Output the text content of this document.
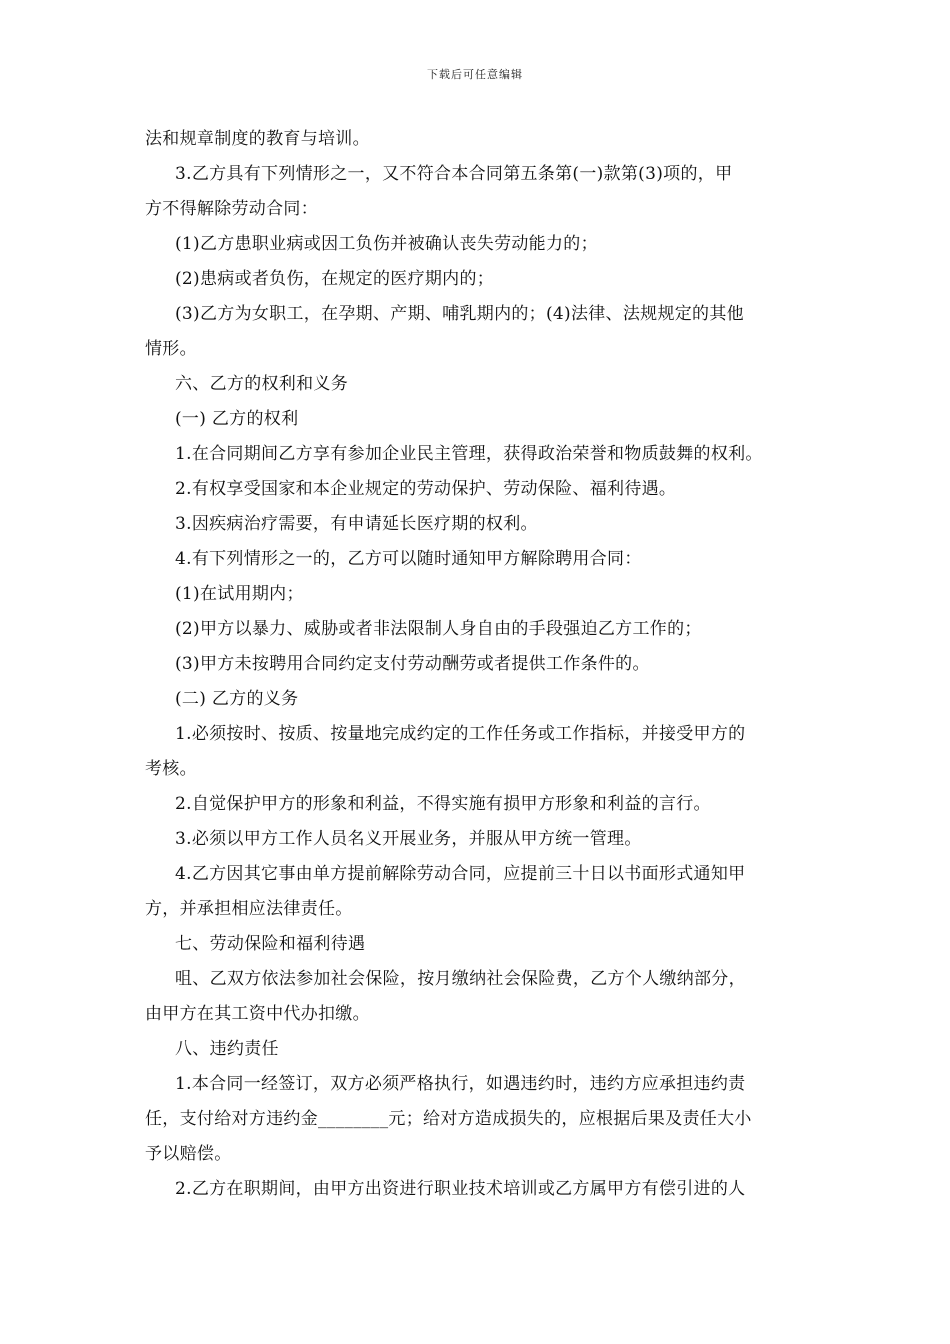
下载后可任意编辑
法和规章制度的教育与培训。
3.乙方具有下列情形之一，又不符合本合同第五条第(一)款第(3)项的，甲
方不得解除劳动合同：
(1)乙方患职业病或因工负伤并被确认丧失劳动能力的；
(2)患病或者负伤，在规定的医疗期内的；
(3)乙方为女职工，在孕期、产期、哺乳期内的；(4)法律、法规规定的其他
情形。
六、乙方的权利和义务
(一) 乙方的权利
1.在合同期间乙方享有参加企业民主管理，获得政治荣誉和物质鼓舞的权利。
2.有权享受国家和本企业规定的劳动保护、劳动保险、福利待遇。
3.因疾病治疗需要，有申请延长医疗期的权利。
4.有下列情形之一的，乙方可以随时通知甲方解除聘用合同：
(1)在试用期内；
(2)甲方以暴力、威胁或者非法限制人身自由的手段强迫乙方工作的；
(3)甲方未按聘用合同约定支付劳动酬劳或者提供工作条件的。
(二) 乙方的义务
1.必须按时、按质、按量地完成约定的工作任务或工作指标，并接受甲方的
考核。
2.自觉保护甲方的形象和利益，不得实施有损甲方形象和利益的言行。
3.必须以甲方工作人员名义开展业务，并服从甲方统一管理。
4.乙方因其它事由单方提前解除劳动合同，应提前三十日以书面形式通知甲
方，并承担相应法律责任。
七、劳动保险和福利待遇
咀、乙双方依法参加社会保险，按月缴纳社会保险费，乙方个人缴纳部分，
由甲方在其工资中代办扣缴。
八、违约责任
1.本合同一经签订，双方必须严格执行，如遇违约时，违约方应承担违约责
任，支付给对方违约金________元；给对方造成损失的，应根据后果及责任大小
予以赔偿。
2.乙方在职期间，由甲方出资进行职业技术培训或乙方属甲方有偿引进的人
